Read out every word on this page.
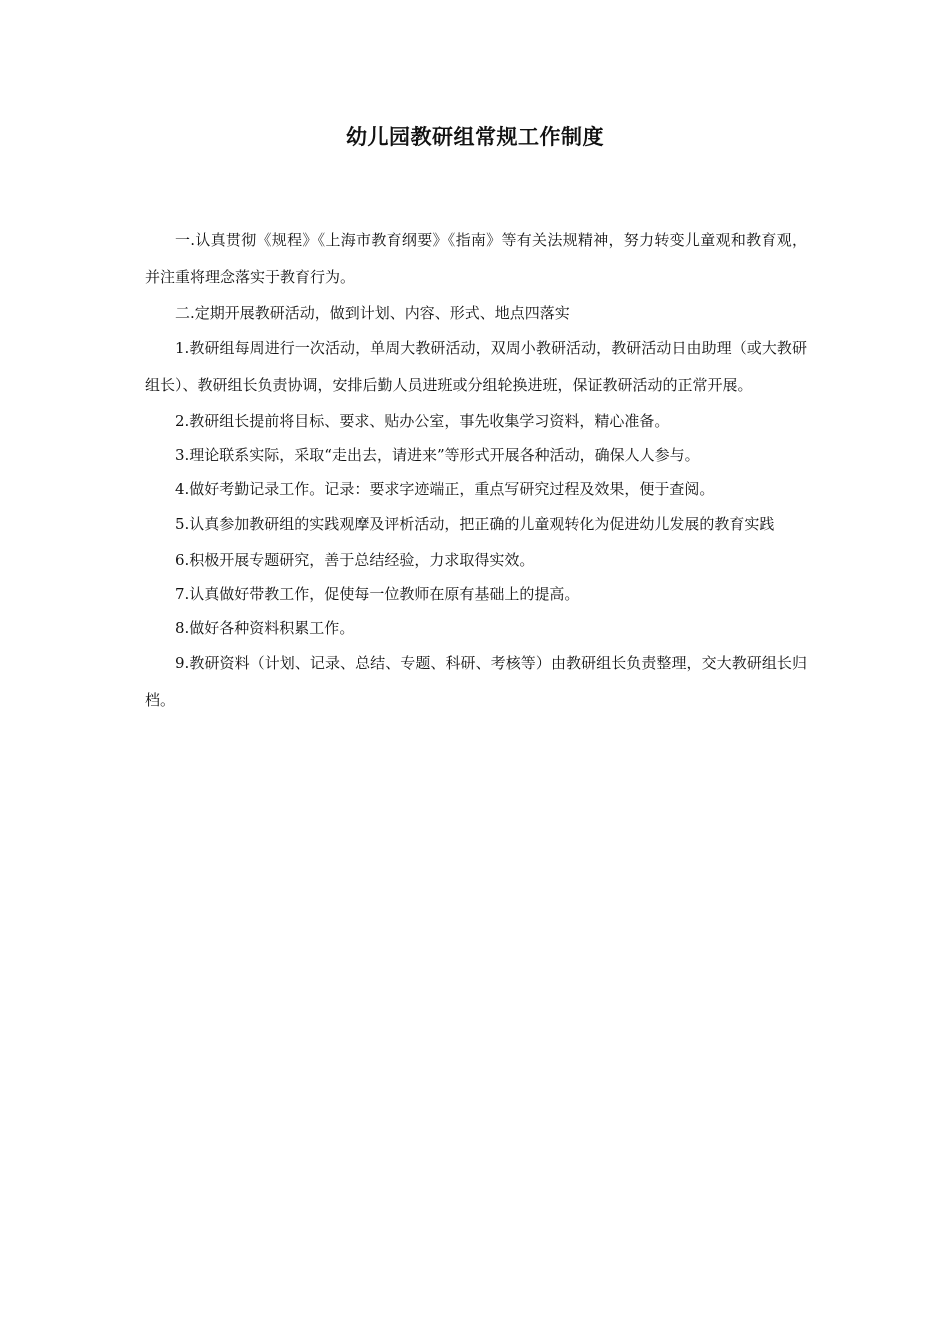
幼儿园教研组常规工作制度

一.认真贯彻《规程》《上海市教育纲要》《指南》等有关法规精神，努力转变儿童观和教育观，并注重将理念落实于教育行为。

二.定期开展教研活动，做到计划、内容、形式、地点四落实

1.教研组每周进行一次活动，单周大教研活动，双周小教研活动，教研活动日由助理（或大教研组长）、教研组长负责协调，安排后勤人员进班或分组轮换进班，保证教研活动的正常开展。

2.教研组长提前将目标、要求、贴办公室，事先收集学习资料，精心准备。

3.理论联系实际，采取“走出去，请进来”等形式开展各种活动，确保人人参与。

4.做好考勤记录工作。记录：要求字迹端正，重点写研究过程及效果，便于查阅。

5.认真参加教研组的实践观摩及评析活动，把正确的儿童观转化为促进幼儿发展的教育实践

6.积极开展专题研究，善于总结经验，力求取得实效。

7.认真做好带教工作，促使每一位教师在原有基础上的提高。

8.做好各种资料积累工作。

9.教研资料（计划、记录、总结、专题、科研、考核等）由教研组长负责整理，交大教研组长归档。
